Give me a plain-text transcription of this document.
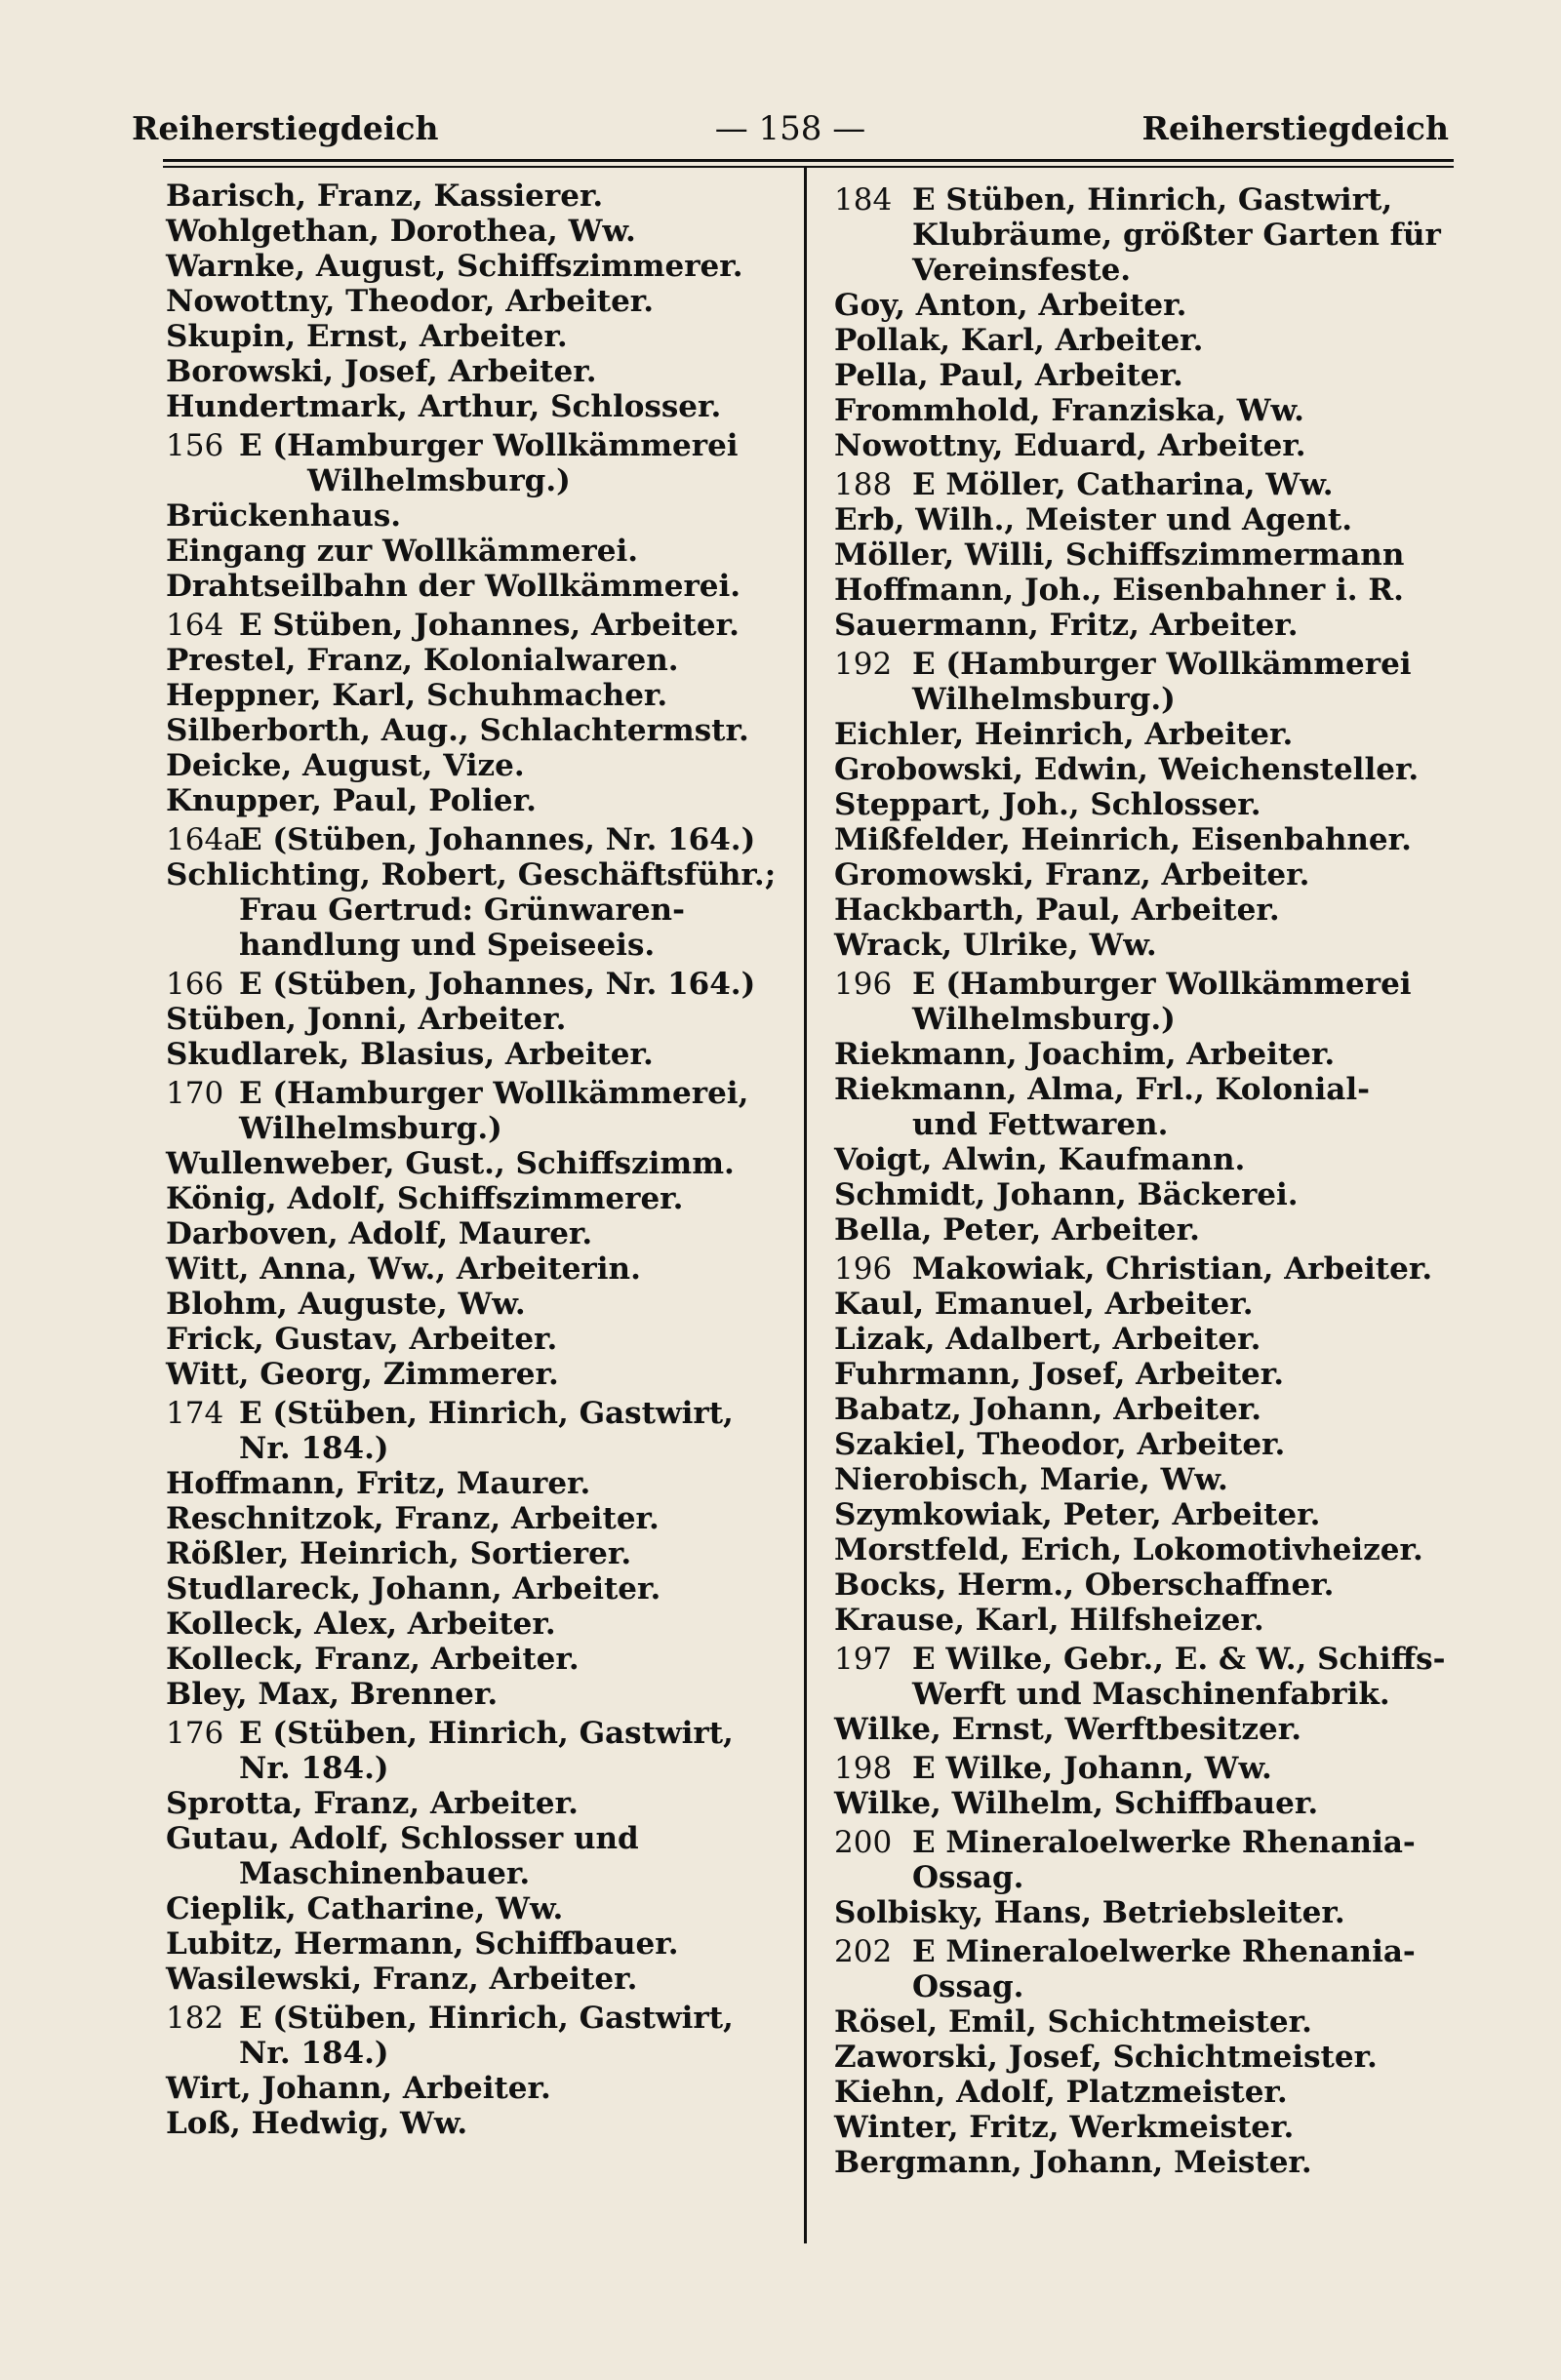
Reiherstiegdeich	— 158 —	Reiherstiegdeich
Barisch, Franz, Kassierer.
Wohlgethan, Dorothea, Ww.
Warnke, August, Schiffszimmerer.
Nowottny, Theodor, Arbeiter.
Skupin, Ernst, Arbeiter.
Borowski, Josef, Arbeiter.
Hundertmark, Arthur, Schlosser.
156 E (Hamburger Wollkämmerei
Wilhelmsburg.)
Brückenhaus.
Eingang zur Wollkämmerei.
Drahtseilbahn der Wollkämmerei.
164 E Stüben, Johannes, Arbeiter.
Prestel, Franz, Kolonialwaren.
Heppner, Karl, Schuhmacher.
Silberborth, Aug., Schlachtermstr.
Deicke, August, Vize.
Knupper, Paul, Polier.
164a
E (Stüben, Johannes, Nr. 164.)
Schlichting, Robert, Geschäftsführ.;
Frau Gertrud: Grünwaren-
handlung und Speiseeis.
166 E (Stüben, Johannes, Nr. 164.)
Stüben, Jonni, Arbeiter.
Skudlarek, Blasius, Arbeiter.
170 E (Hamburger Wollkämmerei,
Wilhelmsburg.)
Wullenweber, Gust., Schiffszimm.
König, Adolf, Schiffszimmerer.
Darboven, Adolf, Maurer.
Witt, Anna, Ww., Arbeiterin.
Blohm, Auguste, Ww.
Frick, Gustav, Arbeiter.
Witt, Georg, Zimmerer.
174 E (Stüben, Hinrich, Gastwirt,
Nr. 184.)
Hoffmann, Fritz, Maurer.
Reschnitzok, Franz, Arbeiter.
Rößler, Heinrich, Sortierer.
Studlareck, Johann, Arbeiter.
Kolleck, Alex, Arbeiter.
Kolleck, Franz, Arbeiter.
Bley, Max, Brenner.
176 E (Stüben, Hinrich, Gastwirt,
Nr. 184.)
Sprotta, Franz, Arbeiter.
Gutau, Adolf, Schlosser und
Maschinenbauer.
Cieplik, Catharine, Ww.
Lubitz, Hermann, Schiffbauer.
Wasilewski, Franz, Arbeiter.
182 E (Stüben, Hinrich, Gastwirt,
Nr. 184.)
Wirt, Johann, Arbeiter.
Loß, Hedwig, Ww.
184 E Stüben, Hinrich, Gastwirt,
Klubräume, größter Garten für
Vereinsfeste.
Goy, Anton, Arbeiter.
Pollak, Karl, Arbeiter.
Pella, Paul, Arbeiter.
Frommhold, Franziska, Ww.
Nowottny, Eduard, Arbeiter.
188 E Möller, Catharina, Ww.
Erb, Wilh., Meister und Agent.
Möller, Willi, Schiffszimmermann
Hoffmann, Joh., Eisenbahner i. R.
Sauermann, Fritz, Arbeiter.
192 E (Hamburger Wollkämmerei
Wilhelmsburg.)
Eichler, Heinrich, Arbeiter.
Grobowski, Edwin, Weichensteller.
Steppart, Joh., Schlosser.
Mißfelder, Heinrich, Eisenbahner.
Gromowski, Franz, Arbeiter.
Hackbarth, Paul, Arbeiter.
Wrack, Ulrike, Ww.
196 E (Hamburger Wollkämmerei
Wilhelmsburg.)
Riekmann, Joachim, Arbeiter.
Riekmann, Alma, Frl., Kolonial-
und Fettwaren.
Voigt, Alwin, Kaufmann.
Schmidt, Johann, Bäckerei.
Bella, Peter, Arbeiter.
196 Makowiak, Christian, Arbeiter.
Kaul, Emanuel, Arbeiter.
Lizak, Adalbert, Arbeiter.
Fuhrmann, Josef, Arbeiter.
Babatz, Johann, Arbeiter.
Szakiel, Theodor, Arbeiter.
Nierobisch, Marie, Ww.
Szymkowiak, Peter, Arbeiter.
Morstfeld, Erich, Lokomotivheizer.
Bocks, Herm., Oberschaffner.
Krause, Karl, Hilfsheizer.
197 E Wilke, Gebr., E. & W., Schiffs-
Werft und Maschinenfabrik.
Wilke, Ernst, Werftbesitzer.
198 E Wilke, Johann, Ww.
Wilke, Wilhelm, Schiffbauer.
200 E Mineraloelwerke Rhenania-
Ossag.
Solbisky, Hans, Betriebsleiter.
202 E Mineraloelwerke Rhenania-
Ossag.
Rösel, Emil, Schichtmeister.
Zaworski, Josef, Schichtmeister.
Kiehn, Adolf, Platzmeister.
Winter, Fritz, Werkmeister.
Bergmann, Johann, Meister.
